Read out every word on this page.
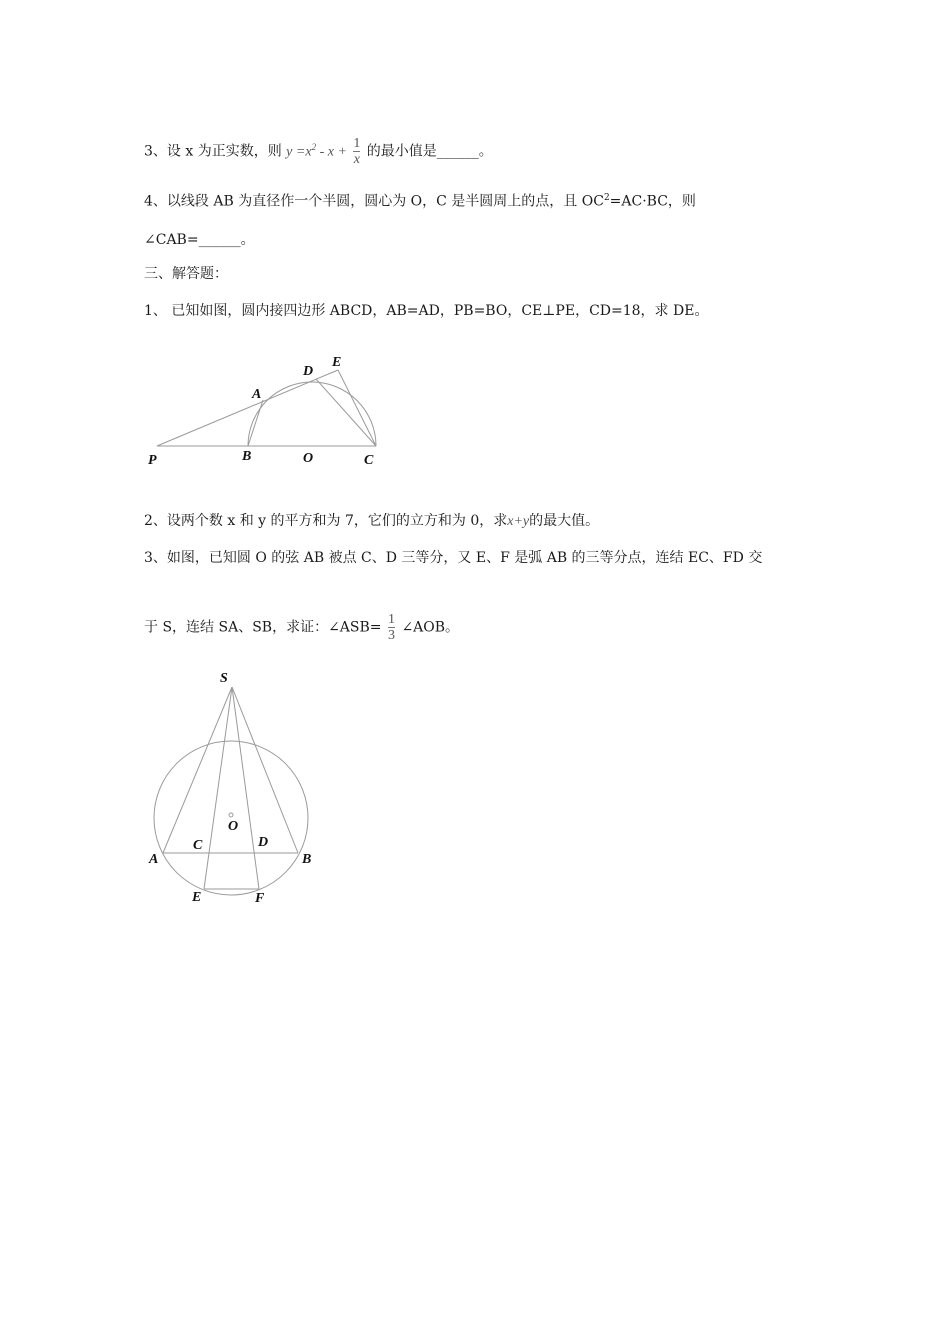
3、设 x 为正实数，则 $y =x^2 - x + \frac{1}{x}$ 的最小值是______。
4、以线段 AB 为直径作一个半圆，圆心为 O，C 是半圆周上的点，且 $OC^2=AC\cdot BC$，则
∠CAB=______。
三、解答题：
1、 已知如图，圆内接四边形 ABCD，AB=AD，PB=BO，CE⊥PE，CD=18，求 DE。
P	B	O	C
A
D
E
2、设两个数 x 和 y 的平方和为 7，它们的立方和为 0，求x+y的最大值。
3、如图，已知圆 O 的弦 AB 被点 C、D 三等分，又 E、F 是弧 AB 的三等分点，连结 EC、FD 交
于 S，连结 SA、SB，求证：∠ASB= $\frac{1}{3}$ ∠AOB。
S
O
A	B
C	D
E	F
